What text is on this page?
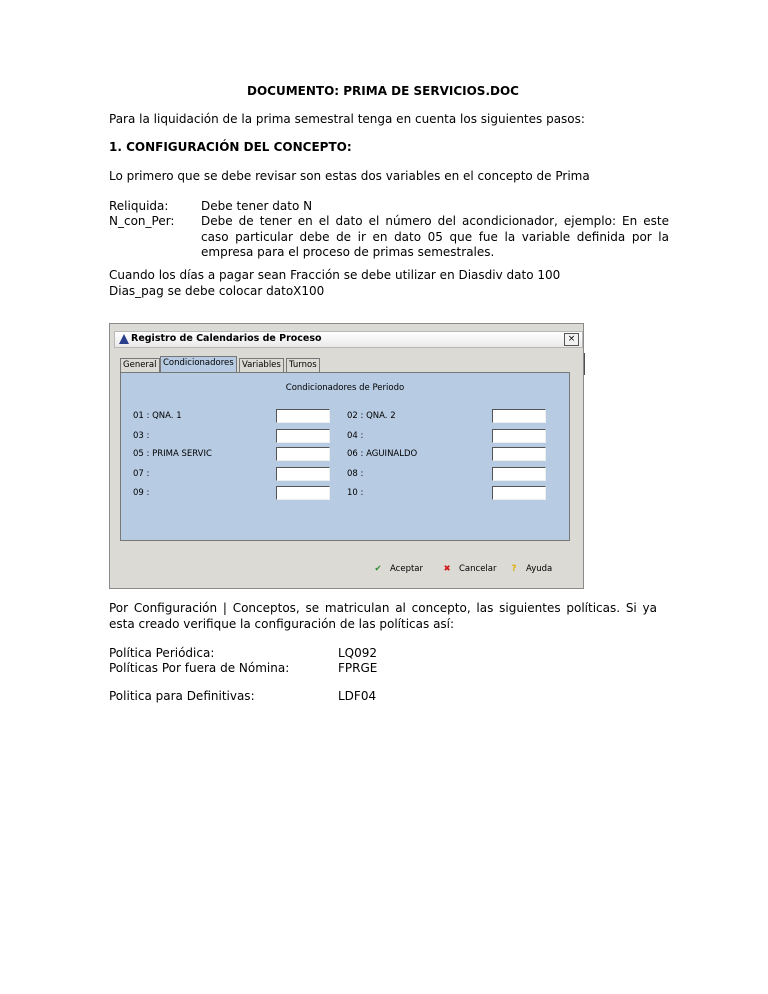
DOCUMENTO: PRIMA DE SERVICIOS.DOC
Para la liquidación de la prima semestral tenga en cuenta los siguientes pasos:
1. CONFIGURACIÓN DEL CONCEPTO:
Lo primero que se debe revisar son estas dos variables en el concepto de Prima
Reliquida:	Debe tener dato N
N_con_Per: Debe de tener en el dato el número del acondicionador, ejemplo: En este caso particular debe de ir en dato 05 que fue la variable definida por la empresa para el proceso de primas semestrales.
Cuando los días a pagar sean Fracción se debe utilizar en Diasdiv dato 100
Dias_pag se debe colocar datoX100
Por Configuración | Conceptos, se matriculan al concepto, las siguientes políticas. Si ya esta creado verifique la configuración de las políticas así:
Política Periódica:	LQ092
Políticas Por fuera de Nómina:	FPRGE
Politica para Definitivas:	LDF04
Registro de Calendarios de Proceso	×
General Condicionadores Variables Turnos
Condicionadores de Periodo
01 : QNA. 1	02 : QNA. 2
03 :	04 :
05 : PRIMA SERVIC	06 : AGUINALDO
07 :	08 :
09 :	10 :
✔ Aceptar ✖ Cancelar	? Ayuda
